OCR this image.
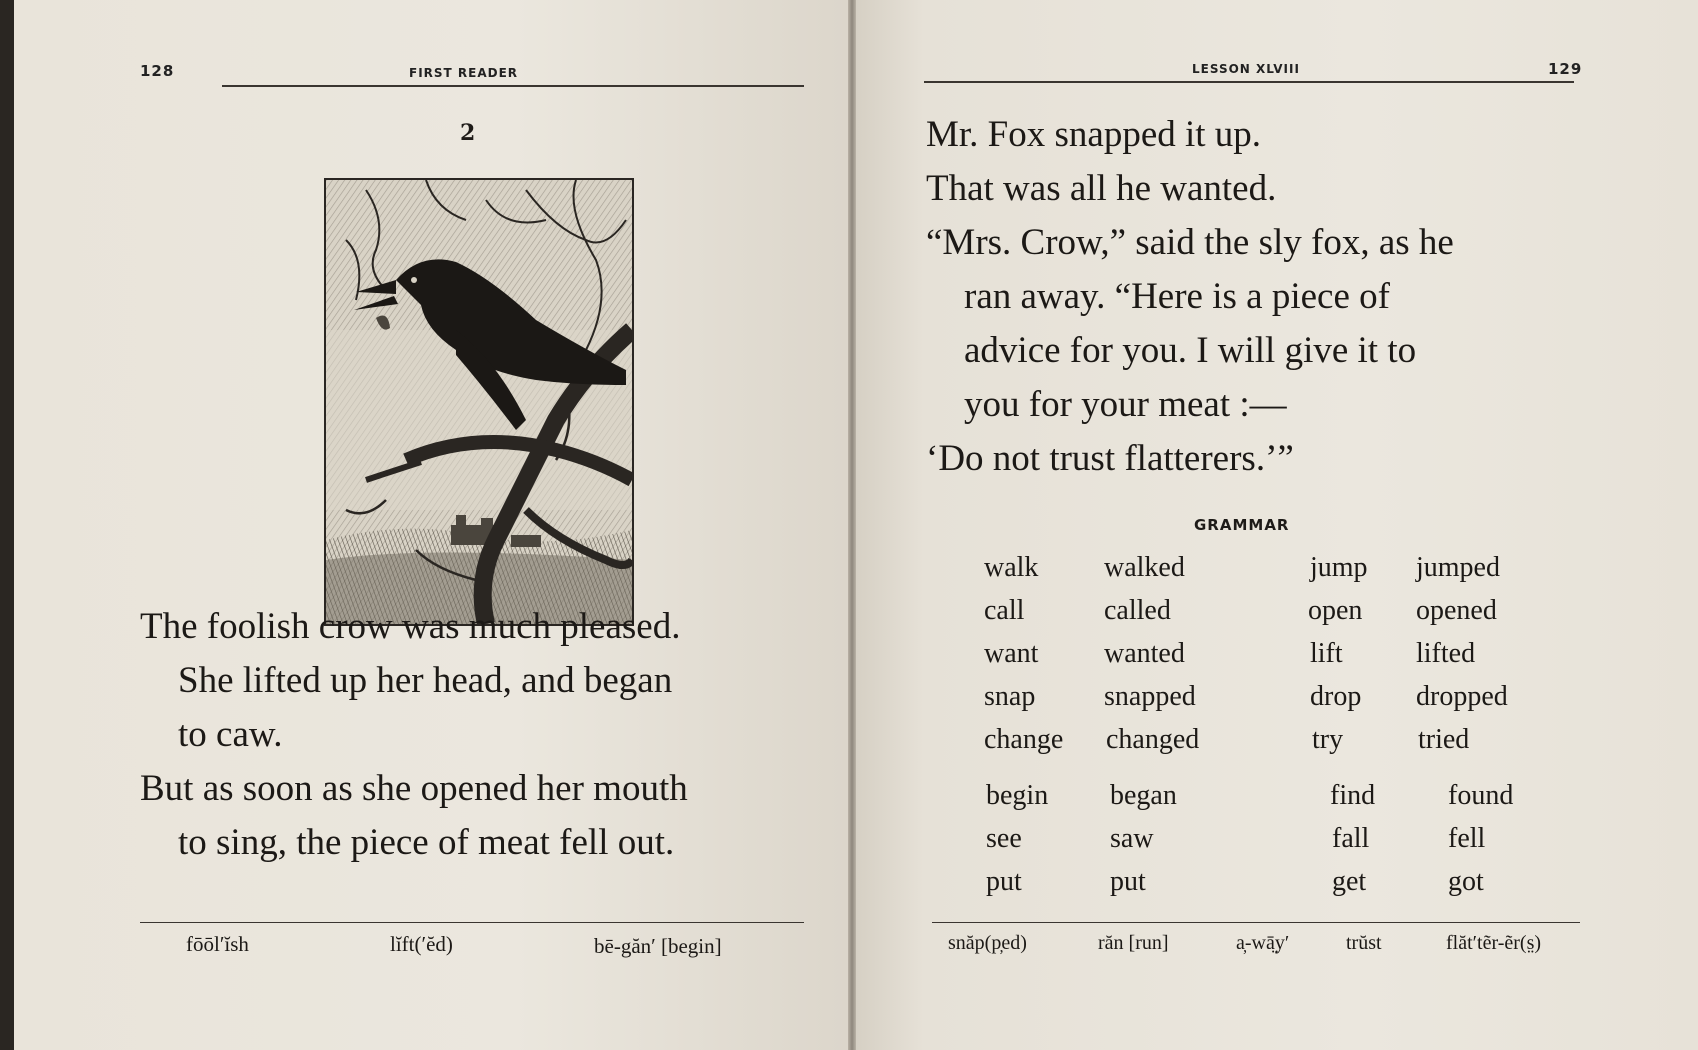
128	FIRST READER
2
The foolish crow was much pleased.
She lifted up her head, and began
to caw.
But as soon as she opened her mouth
to sing, the piece of meat fell out.
fōōl′ĭsh	lĭft(′ĕd)	bē-găn′ [begin]
LESSON XLVIII	129
Mr. Fox snapped it up.
That was all he wanted.
“Mrs. Crow,” said the sly fox, as he
ran away. “Here is a piece of
advice for you. I will give it to
you for your meat :—
‘Do not trust flatterers.’”
GRAMMAR
walk walked	jump jumped
call	called	open opened
want wanted	lift	lifted
snap snapped	drop dropped
change changed	try	tried
begin began	find	found
see	saw	fall	fell
put	put	get	got
snăp(p̦ed)	răn [run]	a̦-wā̤y′	trŭst	flăt′tẽr-ẽr(s̤)
